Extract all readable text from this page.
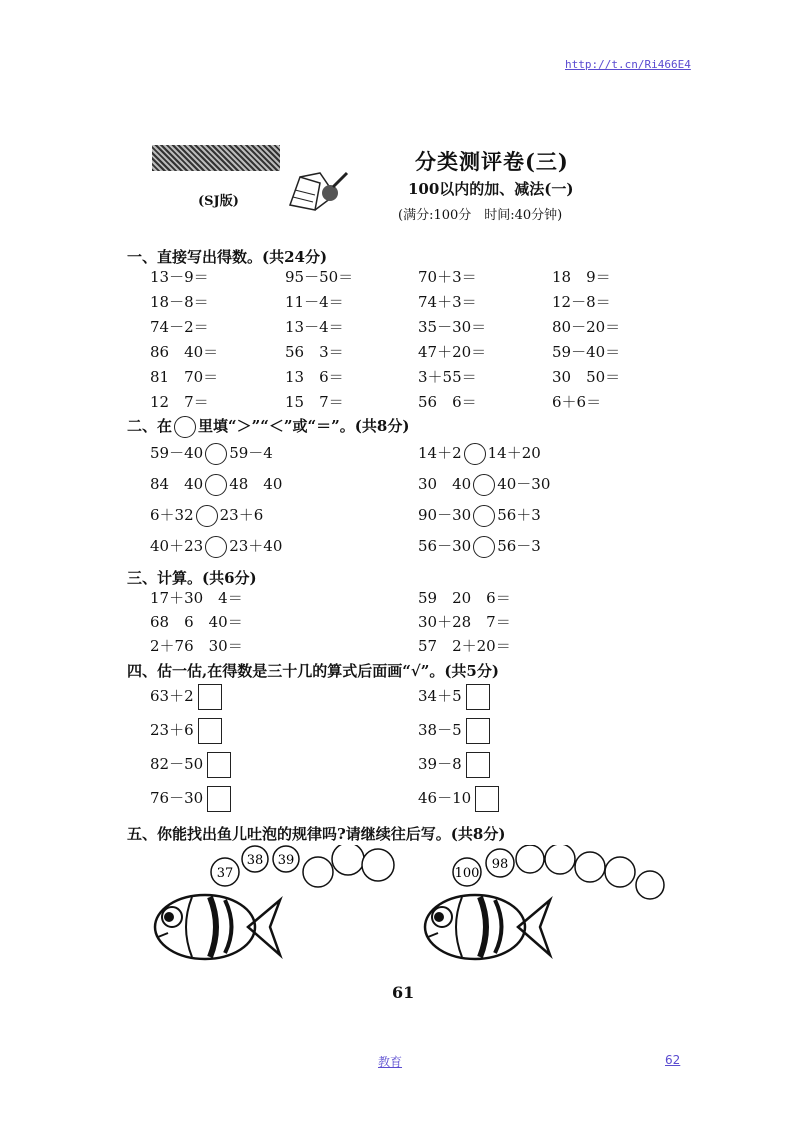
http://t.cn/Ri466E4
(SJ版)
分类测评卷(三)
100以内的加、减法(一)
(满分:100分　时间:40分钟)
一、直接写出得数。(共24分)
13－9＝	95－50＝	70＋3＝	18　9＝
18－8＝	11－4＝	74＋3＝	12－8＝
74－2＝	13－4＝	35－30＝	80－20＝
86　40＝	56　3＝	47＋20＝	59－40＝
81　70＝	13　6＝	3＋55＝	30　50＝
12　7＝	15　7＝	56　6＝	6＋6＝
二、在 里填“＞”“＜”或“＝”。(共8分)
59－40 59－4	14＋2 14＋20
84　40 48　40	30　40 40－30
6＋32 23＋6	90－30 56＋3
40＋23 23＋40	56－30 56－3
三、计算。(共6分)
17＋30　4＝	59　20　6＝
68　6　40＝	30＋28　7＝
2＋76　30＝	57　2＋20＝
四、估一估,在得数是三十几的算式后面画“√”。(共5分)
63＋2	34＋5
23＋6	38－5
82－50	39－8
76－30	46－10
五、你能找出鱼儿吐泡的规律吗?请继续往后写。(共8分)
37
38 39
100
98
61
教育	62
